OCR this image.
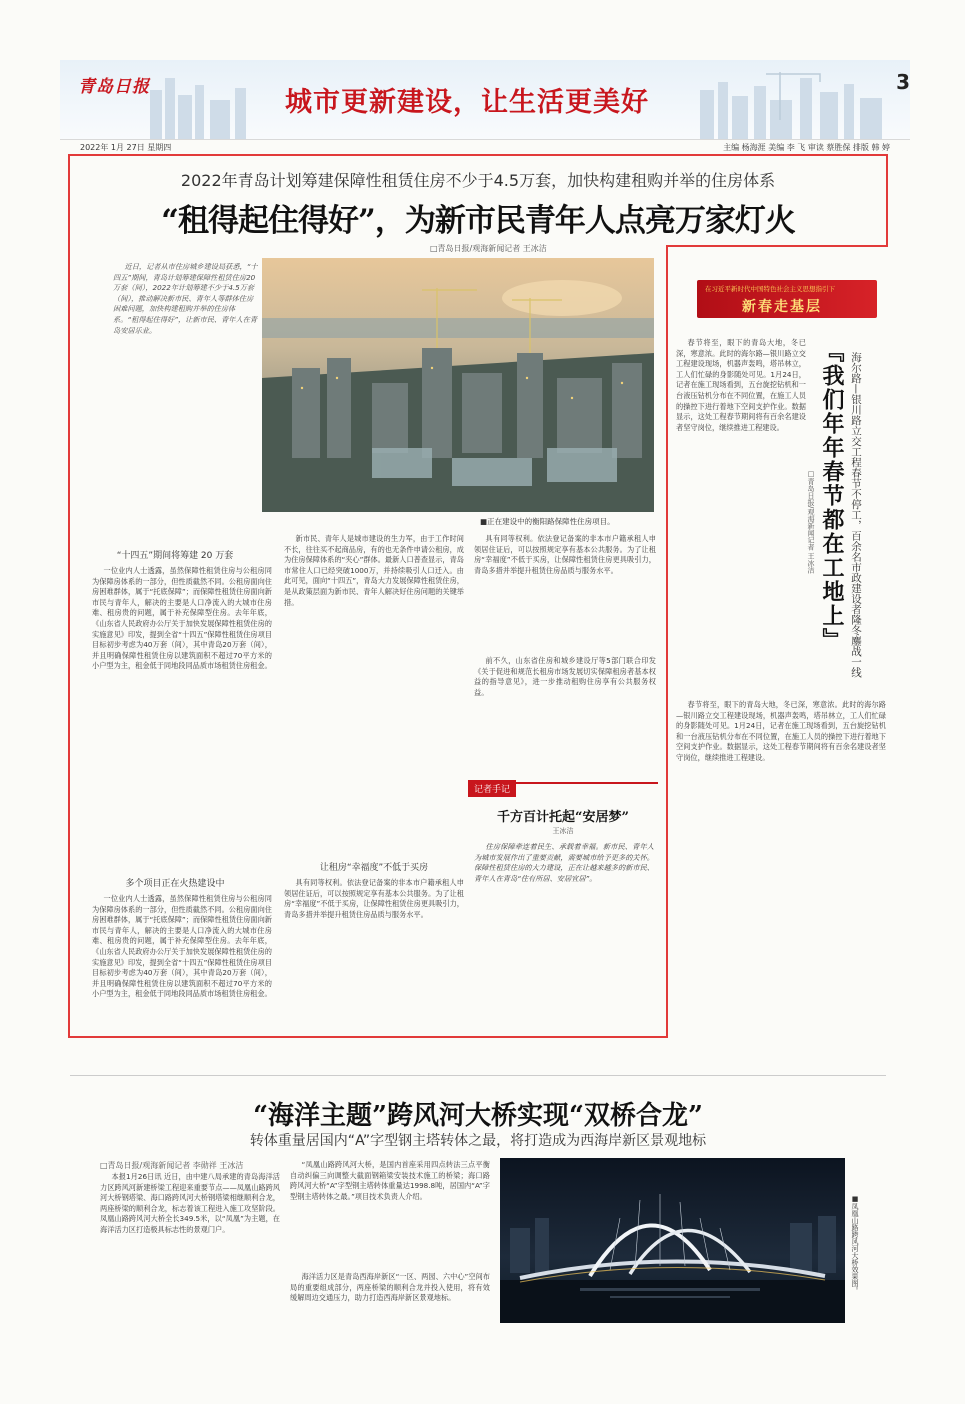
青岛日报	城市更新建设，让生活更美好
3
2022年 1月 27日 星期四	主编 杨海涯 美编 李 飞 审读 蔡胜保 排版 韩 婷
2022年青岛计划筹建保障性租赁住房不少于4.5万套，加快构建租购并举的住房体系
“租得起住得好”，为新市民青年人点亮万家灯火
□青岛日报/观海新闻记者 王冰洁

近日，记者从市住房城乡建设局获悉，“十四五”期间，青岛计划筹建保障性租赁住房20万套（间），2022年计划筹建不少于4.5万套（间），推动解决新市民、青年人等群体住房困难问题，加快构建租购并举的住房体系。“租得起住得好”，让新市民、青年人在青岛安居乐业。

■正在建设中的衡阳路保障性住房项目。
“十四五”期间将筹建 20 万套

一位业内人士透露，虽然保障性租赁住房与公租房同为保障房体系的一部分，但性质截然不同。公租房面向住房困难群体，属于“托底保障”；而保障性租赁住房面向新市民与青年人，解决的主要是人口净流入的大城市住房难、租房贵的问题，属于补充保障型住房。去年年底，《山东省人民政府办公厅关于加快发展保障性租赁住房的实施意见》印发，提到全省“十四五”保障性租赁住房项目目标初步考虑为40万套（间），其中青岛20万套（间），并且明确保障性租赁住房以建筑面积不超过70平方米的小户型为主，租金低于同地段同品质市场租赁住房租金。

多个项目正在火热建设中

一位业内人士透露，虽然保障性租赁住房与公租房同为保障房体系的一部分，但性质截然不同。公租房面向住房困难群体，属于“托底保障”；而保障性租赁住房面向新市民与青年人，解决的主要是人口净流入的大城市住房难、租房贵的问题，属于补充保障型住房。去年年底，《山东省人民政府办公厅关于加快发展保障性租赁住房的实施意见》印发，提到全省“十四五”保障性租赁住房项目目标初步考虑为40万套（间），其中青岛20万套（间），并且明确保障性租赁住房以建筑面积不超过70平方米的小户型为主，租金低于同地段同品质市场租赁住房租金。

新市民、青年人是城市建设的生力军，由于工作时间不长，往往买不起商品房，有的也无条件申请公租房，成为住房保障体系的“夹心”群体。最新人口普查显示，青岛市常住人口已经突破1000万，并持续吸引人口迁入。由此可见，面向“十四五”，青岛大力发展保障性租赁住房，是从政策层面为新市民、青年人解决好住房问题的关键举措。

让租房“幸福度”不低于买房

具有同等权利。依法登记备案的非本市户籍承租人申领居住证后，可以按照规定享有基本公共服务。为了让租房“幸福度”不低于买房，让保障性租赁住房更具吸引力，青岛多措并举提升租赁住房品质与服务水平。

具有同等权利。依法登记备案的非本市户籍承租人申领居住证后，可以按照规定享有基本公共服务。为了让租房“幸福度”不低于买房，让保障性租赁住房更具吸引力，青岛多措并举提升租赁住房品质与服务水平。

前不久，山东省住房和城乡建设厅等5部门联合印发《关于促进和规范长租房市场发展切实保障租房者基本权益的指导意见》，进一步推动租购住房享有公共服务权益。

记者手记
千方百计托起“安居梦”
王冰洁

住房保障牵连着民生、承载着幸福。新市民、青年人为城市发展作出了重要贡献，需要城市给予更多的关怀。保障性租赁住房的大力建设，正在让越来越多的新市民、青年人在青岛“住有所居、安居宜居”。

在习近平新时代中国特色社会主义思想指引下
新春走基层

春节将至，眼下的青岛大地，冬已深，寒意浓。此时的海尔路—银川路立交工程建设现场，机器声轰鸣，塔吊林立，工人们忙碌的身影随处可见。1月24日，记者在施工现场看到，五台旋挖钻机和一台液压钻机分布在不同位置，在施工人员的操控下进行着地下空间支护作业。数据显示，这处工程春节期间将有百余名建设者坚守岗位，继续推进工程建设。	『我们年年春节都在工地上』 海尔路—银川路立交工程春节不停工，百余名市政建设者隆冬鏖战一线
□青岛日报/观海新闻记者 王冰洁

春节将至，眼下的青岛大地，冬已深，寒意浓。此时的海尔路—银川路立交工程建设现场，机器声轰鸣，塔吊林立，工人们忙碌的身影随处可见。1月24日，记者在施工现场看到，五台旋挖钻机和一台液压钻机分布在不同位置，在施工人员的操控下进行着地下空间支护作业。数据显示，这处工程春节期间将有百余名建设者坚守岗位，继续推进工程建设。

“海洋主题”跨风河大桥实现“双桥合龙”
转体重量居国内“A”字型钢主塔转体之最，将打造成为西海岸新区景观地标
□青岛日报/观海新闻记者 李勋祥 王冰洁

本报1月26日讯 近日，由中建八局承建的青岛海洋活力区跨风河新建桥梁工程迎来重要节点——凤凰山路跨风河大桥钢塔梁、海口路跨风河大桥钢塔梁相继顺利合龙，两座桥梁的顺利合龙，标志着该工程进入施工攻坚阶段。凤凰山路跨风河大桥全长349.5米，以“凤凰”为主题，在海洋活力区打造极具标志性的景观门户。

“凤凰山路跨风河大桥，是国内首座采用四点转法三点平衡自动纠偏三向调整大截面钢箱梁安装技术施工的桥梁；海口路跨风河大桥“A”字型钢主塔转体重量达1998.8吨，居国内“A”字型钢主塔转体之最。”项目技术负责人介绍。

海洋活力区是青岛西海岸新区“一区、两园、六中心”空间布局的重要组成部分，两座桥梁的顺利合龙并投入使用，将有效缓解周边交通压力，助力打造西海岸新区景观地标。

■凤凰山路跨风河大桥效果图。
